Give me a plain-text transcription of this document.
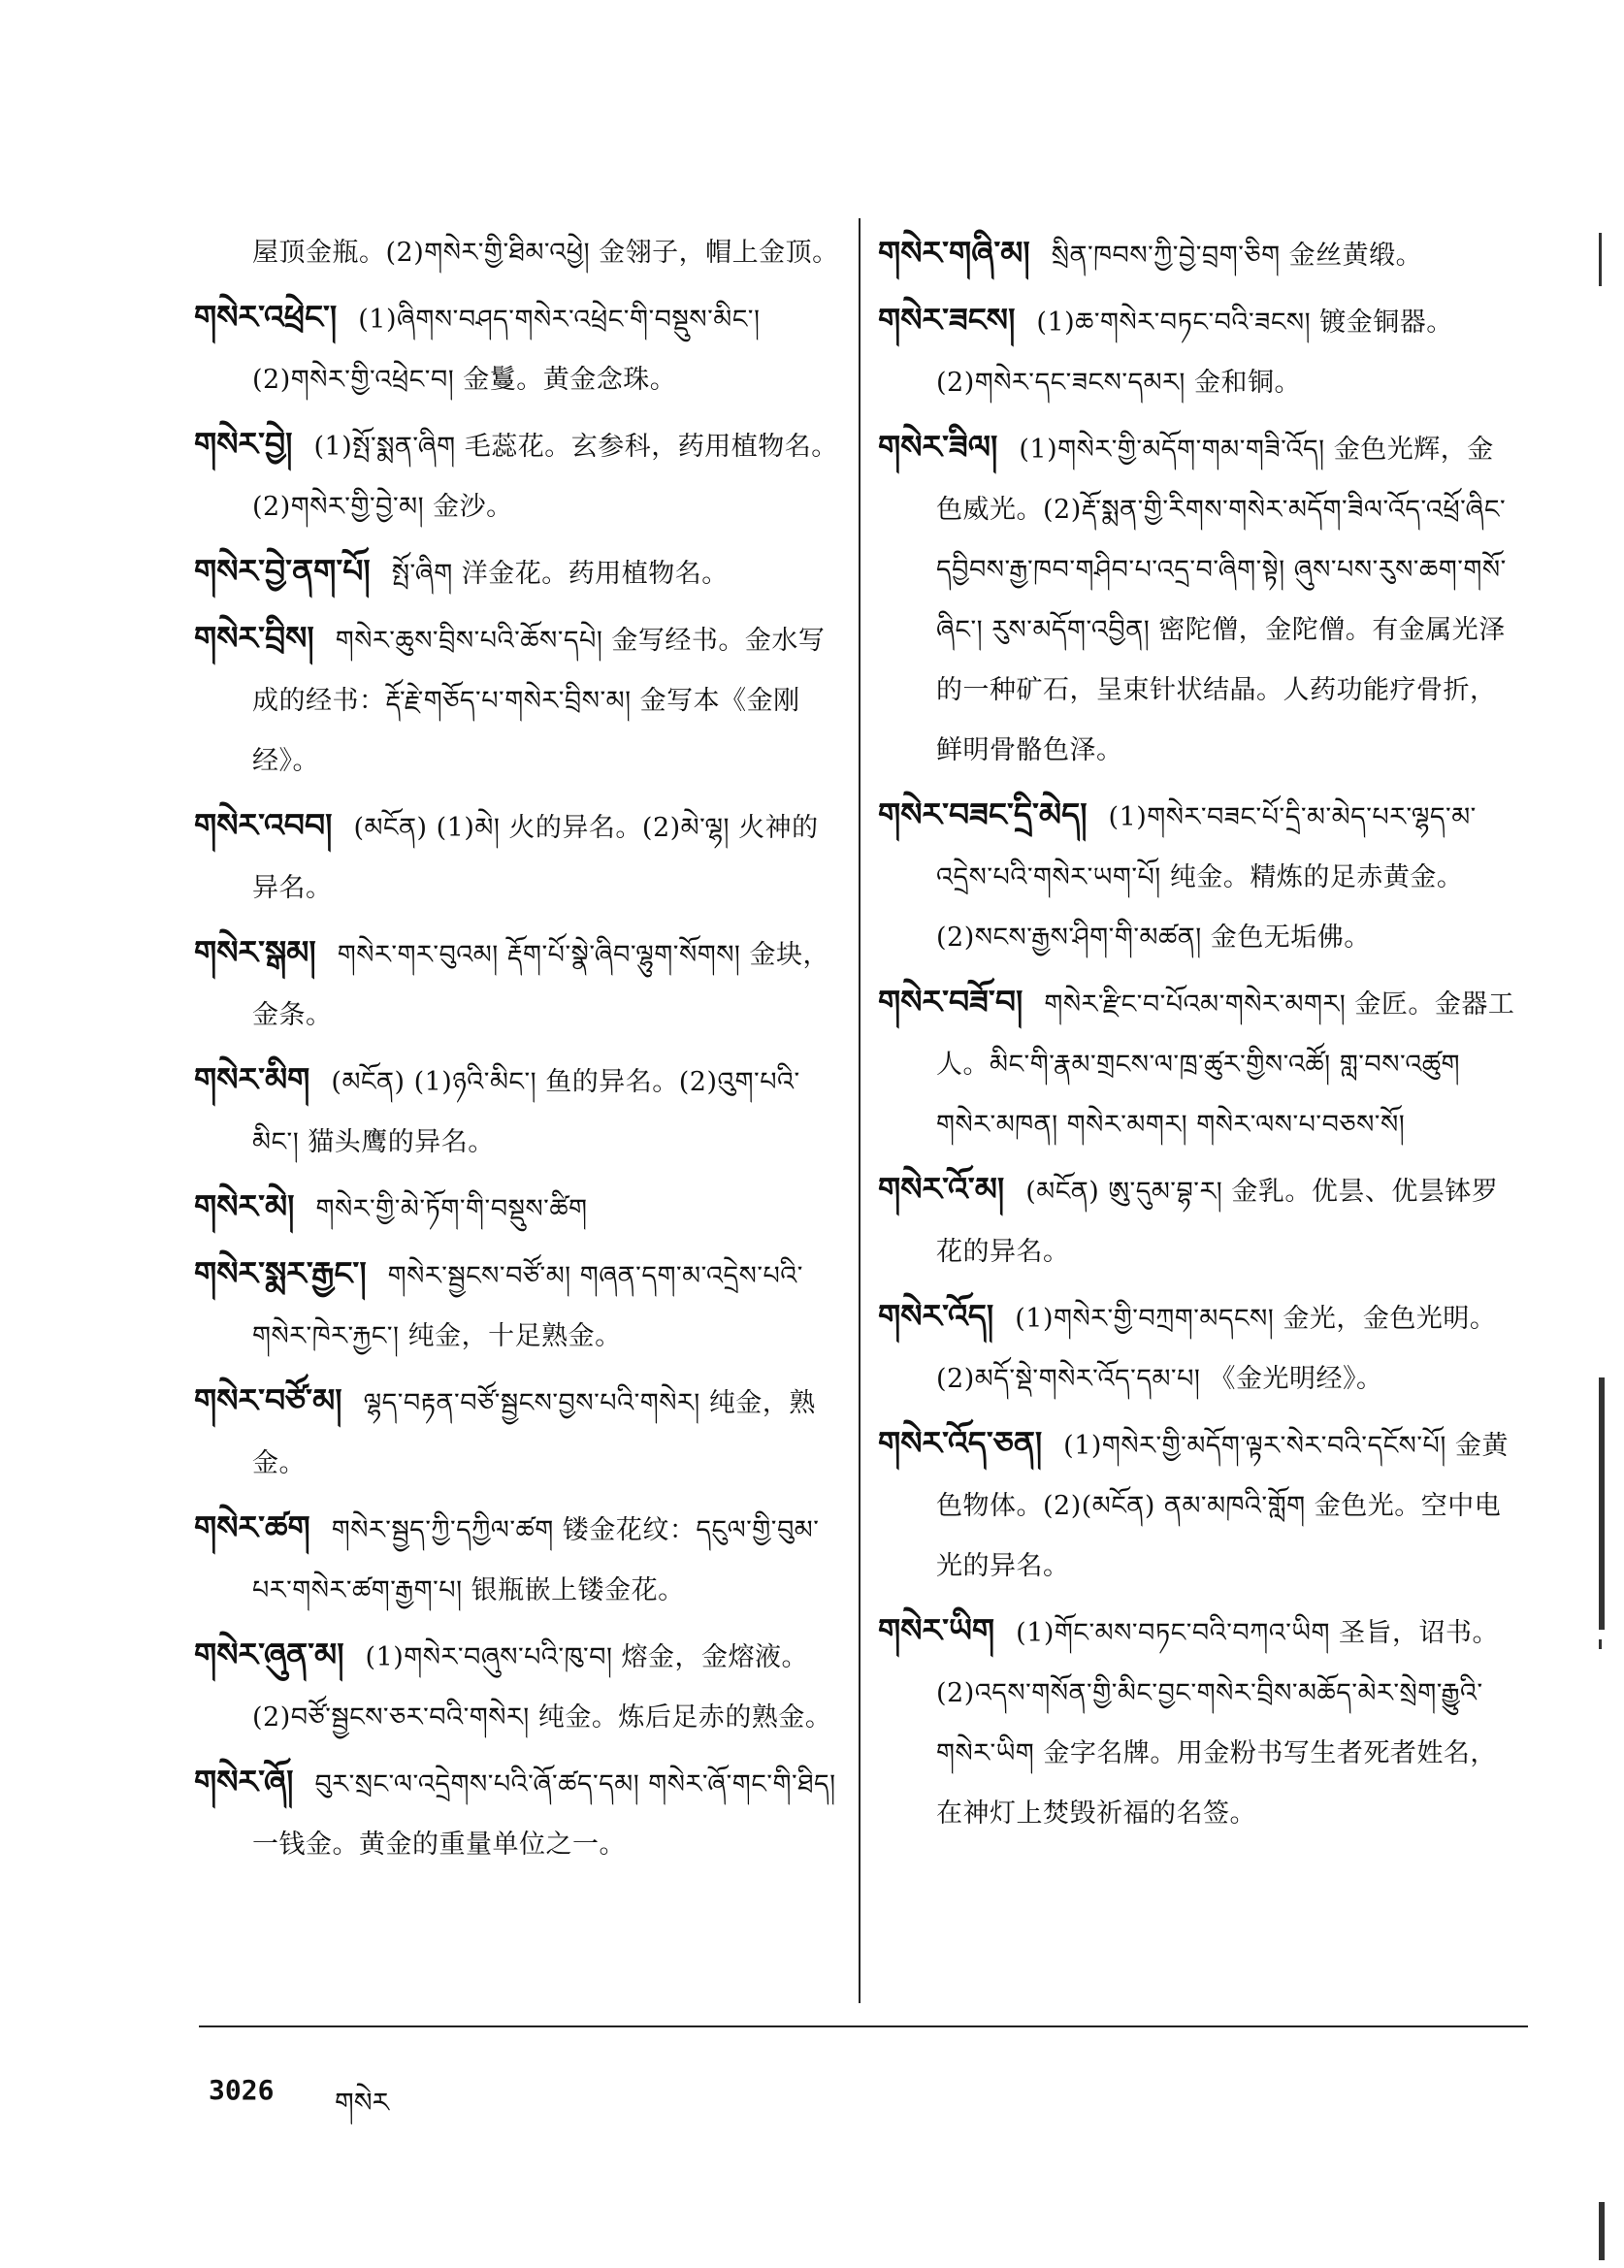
屋顶金瓶。(2)གསེར་གྱི་ཐིམ་འཕྱེ། 金翎子，帽上金顶。

གསེར་འཕྲེང་། (1)ཞིགས་བཤད་གསེར་འཕྲེང་གི་བསྡུས་མིང་། (2)གསེར་གྱི་འཕྲེང་བ། 金鬘。黄金念珠。

གསེར་བྱེ། (1)སྤོ་སྨན་ཞིག 毛蕊花。玄参科，药用植物名。(2)གསེར་གྱི་བྱེ་མ། 金沙。

གསེར་བྱེ་ནག་པོ། སྤོ་ཞིག 洋金花。药用植物名。

གསེར་བྲིས། གསེར་ཆུས་བྲིས་པའི་ཆོས་དཔེ། 金写经书。金水写成的经书：རྡོ་རྗེ་གཅོད་པ་གསེར་བྲིས་མ། 金写本《金刚经》。

གསེར་འབབ། (མངོན) (1)མེ། 火的异名。(2)མེ་ལྷ། 火神的异名。

གསེར་སྒམ། གསེར་གར་བུའམ། རྡོག་པོ་སྣེ་ཞིབ་ལྷུག་སོགས། 金块，金条。

གསེར་མིག (མངོན) (1)ཉའི་མིང་། 鱼的异名。(2)འུག་པའི་མིང་། 猫头鹰的异名。

གསེར་མེ། གསེར་གྱི་མེ་ཏོག་གི་བསྡུས་ཚིག

གསེར་སྨར་རྒྱང་། གསེར་སྦྱངས་བཙོ་མ། གཞན་དག་མ་འདྲེས་པའི་གསེར་ཁེར་རྐྱང་། 纯金，十足熟金。

གསེར་བཙོ་མ། ལྷད་བརྟན་བཙོ་སྦྱངས་བྱས་པའི་གསེར། 纯金，熟金。

གསེར་ཚག གསེར་སྦྱད་ཀྱི་དཀྱིལ་ཚག 镂金花纹：དངུལ་གྱི་བུམ་པར་གསེར་ཚག་རྒྱག་པ། 银瓶嵌上镂金花。

གསེར་ཞུན་མ། (1)གསེར་བཞུས་པའི་ཁུ་བ། 熔金，金熔液。(2)བཙོ་སྦྱངས་ཅར་བའི་གསེར། 纯金。炼后足赤的熟金。

གསེར་ཞོ། བུར་སྲང་ལ་འདྲེགས་པའི་ཞོ་ཚད་དམ། གསེར་ཞོ་གང་གི་ཐིད། 一钱金。黄金的重量单位之一。

གསེར་གཞི་མ། སྲིན་ཁབས་ཀྱི་བྱེ་བྲག་ཅིག 金丝黄缎。

གསེར་ཟངས། (1)ཆ་གསེར་བཏང་བའི་ཟངས། 镀金铜器。(2)གསེར་དང་ཟངས་དམར། 金和铜。

གསེར་ཟིལ། (1)གསེར་གྱི་མདོག་གམ་གཟི་འོད། 金色光辉，金色威光。(2)རྡོ་སྨན་གྱི་རིགས་གསེར་མདོག་ཟིལ་འོད་འཕྲོ་ཞིང་དབྱིབས་རྒྱ་ཁབ་གཤིབ་པ་འདྲ་བ་ཞིག་སྟེ། ཞུས་པས་རུས་ཆག་གསོ་ཞིང་། རུས་མདོག་འབྱིན། 密陀僧，金陀僧。有金属光泽的一种矿石，呈束针状结晶。人药功能疗骨折，鲜明骨骼色泽。

གསེར་བཟང་དྲི་མེད། (1)གསེར་བཟང་པོ་དྲི་མ་མེད་པར་ལྷད་མ་འདྲེས་པའི་གསེར་ཡག་པོ། 纯金。精炼的足赤黄金。(2)སངས་རྒྱས་ཤིག་གི་མཚན། 金色无垢佛。

གསེར་བཟོ་བ། གསེར་རྫིང་བ་པོའམ་གསེར་མགར། 金匠。金器工人。མིང་གི་རྣམ་གྲངས་ལ་ཁྲ་ཚུར་གྱིས་འཚོ། གླ་བས་འཚུག གསེར་མཁན། གསེར་མགར། གསེར་ལས་པ་བཅས་སོ།

གསེར་འོ་མ། (མངོན) ཨུ་དུམ་བྷ་ར། 金乳。优昙、优昙钵罗花的异名。

གསེར་འོད། (1)གསེར་གྱི་བཀྲག་མདངས། 金光，金色光明。(2)མདོ་སྡེ་གསེར་འོད་དམ་པ། 《金光明经》。

གསེར་འོད་ཅན། (1)གསེར་གྱི་མདོག་ལྟར་སེར་བའི་དངོས་པོ། 金黄色物体。(2)(མངོན) ནམ་མཁའི་གློག 金色光。空中电光的异名。

གསེར་ཡིག (1)གོང་མས་བཏང་བའི་བཀའ་ཡིག 圣旨，诏书。(2)འདས་གསོན་གྱི་མིང་བྱང་གསེར་བྲིས་མཆོད་མེར་སྲེག་རྒྱུའི་གསེར་ཡིག 金字名牌。用金粉书写生者死者姓名，在神灯上焚毁祈福的名签。

3026 གསེར
